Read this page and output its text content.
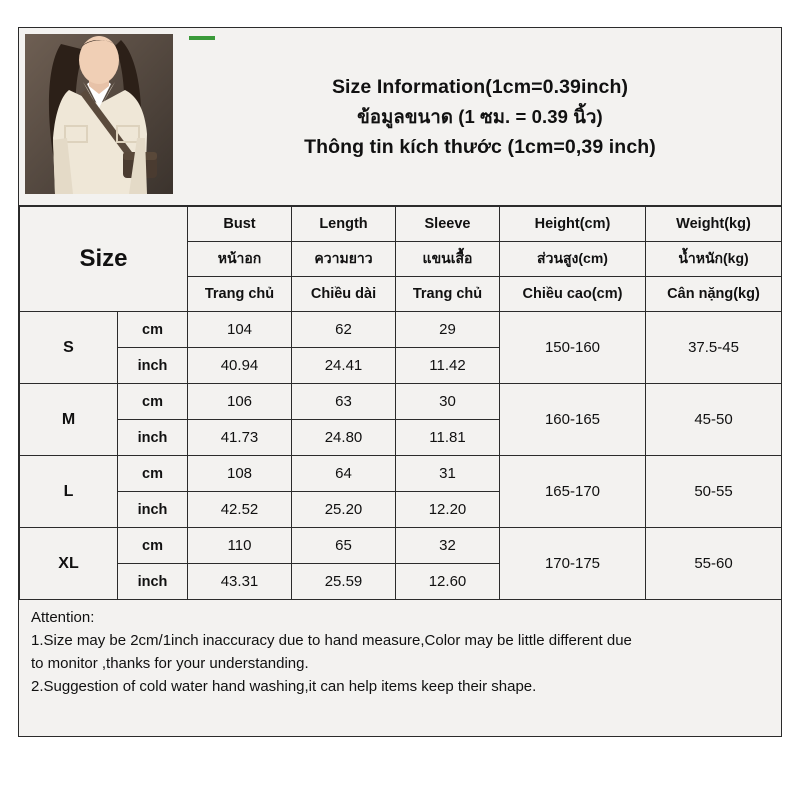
Size Information(1cm=0.39inch)
ข้อมูลขนาด (1 ซม. = 0.39 นิ้ว)
Thông tin kích thước (1cm=0,39 inch)
Size		Bust	Length	Sleeve	Height(cm)	Weight(kg)
		หน้าอก	ความยาว	แขนเสื้อ	ส่วนสูง(cm)	น้ำหนัก(kg)
		Trang chủ	Chiều dài	Trang chủ	Chiều cao(cm)	Cân nặng(kg)
S	cm	104	62	29	150-160	37.5-45
	inch	40.94	24.41	11.42		
M	cm	106	63	30	160-165	45-50
	inch	41.73	24.80	11.81		
L	cm	108	64	31	165-170	50-55
	inch	42.52	25.20	12.20		
XL	cm	110	65	32	170-175	55-60
	inch	43.31	25.59	12.60		
Attention:
1.Size may be 2cm/1inch inaccuracy due to hand measure,Color may be little different due
to monitor ,thanks for your understanding.
2.Suggestion of cold water hand washing,it can help items keep their shape.
